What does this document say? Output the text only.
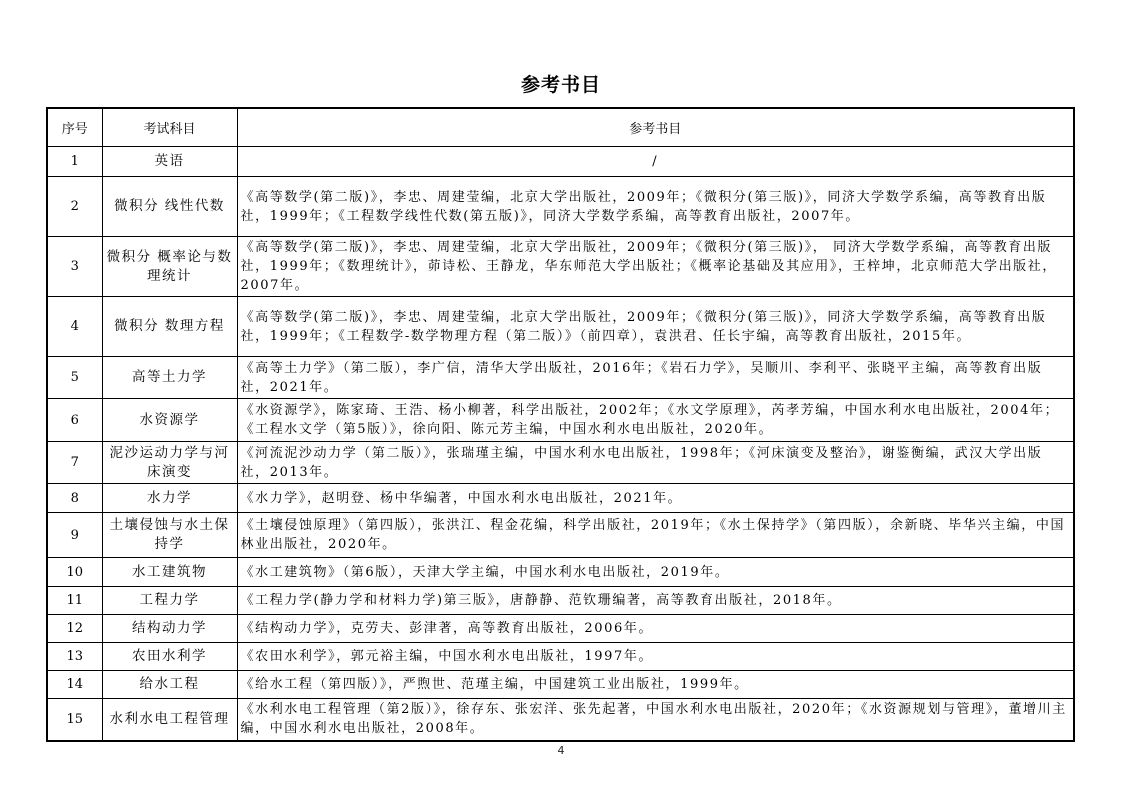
参考书目
序号	考试科目	参考书目
1	英语	/
2	微积分 线性代数	《高等数学(第二版)》，李忠、周建莹编，北京大学出版社，2009年；《微积分(第三版)》，同济大学数学系编，高等教育出版社，1999年；《工程数学线性代数(第五版)》，同济大学数学系编，高等教育出版社，2007年。
3	微积分 概率论与数理统计	《高等数学(第二版)》，李忠、周建莹编，北京大学出版社，2009年；《微积分(第三版)》， 同济大学数学系编，高等教育出版社，1999年；《数理统计》，茆诗松、王静龙，华东师范大学出版社；《概率论基础及其应用》，王梓坤，北京师范大学出版社，2007年。
4	微积分 数理方程	《高等数学(第二版)》，李忠、周建莹编，北京大学出版社，2009年；《微积分(第三版)》，同济大学数学系编，高等教育出版社，1999年；《工程数学-数学物理方程（第二版）》（前四章），袁洪君、任长宇编，高等教育出版社，2015年。
5	高等土力学	《高等土力学》（第二版），李广信，清华大学出版社，2016年；《岩石力学》，吴顺川、李利平、张晓平主编，高等教育出版社，2021年。
6	水资源学	《水资源学》，陈家琦、王浩、杨小柳著，科学出版社，2002年；《水文学原理》，芮孝芳编，中国水利水电出版社，2004年；《工程水文学（第5版）》，徐向阳、陈元芳主编，中国水利水电出版社，2020年。
7	泥沙运动力学与河床演变	《河流泥沙动力学（第二版）》，张瑞瑾主编，中国水利水电出版社，1998年；《河床演变及整治》，谢鉴衡编，武汉大学出版社，2013年。
8	水力学	《水力学》，赵明登、杨中华编著，中国水利水电出版社，2021年。
9	土壤侵蚀与水土保持学	《土壤侵蚀原理》（第四版），张洪江、程金花编，科学出版社，2019年；《水土保持学》（第四版），余新晓、毕华兴主编，中国林业出版社，2020年。
10	水工建筑物	《水工建筑物》（第6版），天津大学主编，中国水利水电出版社，2019年。
11	工程力学	《工程力学(静力学和材料力学)第三版》，唐静静、范钦珊编著，高等教育出版社，2018年。
12	结构动力学	《结构动力学》，克劳夫、彭津著，高等教育出版社，2006年。
13	农田水利学	《农田水利学》，郭元裕主编，中国水利水电出版社，1997年。
14	给水工程	《给水工程（第四版）》，严煦世、范瑾主编，中国建筑工业出版社，1999年。
15	水利水电工程管理	《水利水电工程管理（第2版）》，徐存东、张宏洋、张先起著，中国水利水电出版社，2020年；《水资源规划与管理》，董增川主编，中国水利水电出版社，2008年。
4
